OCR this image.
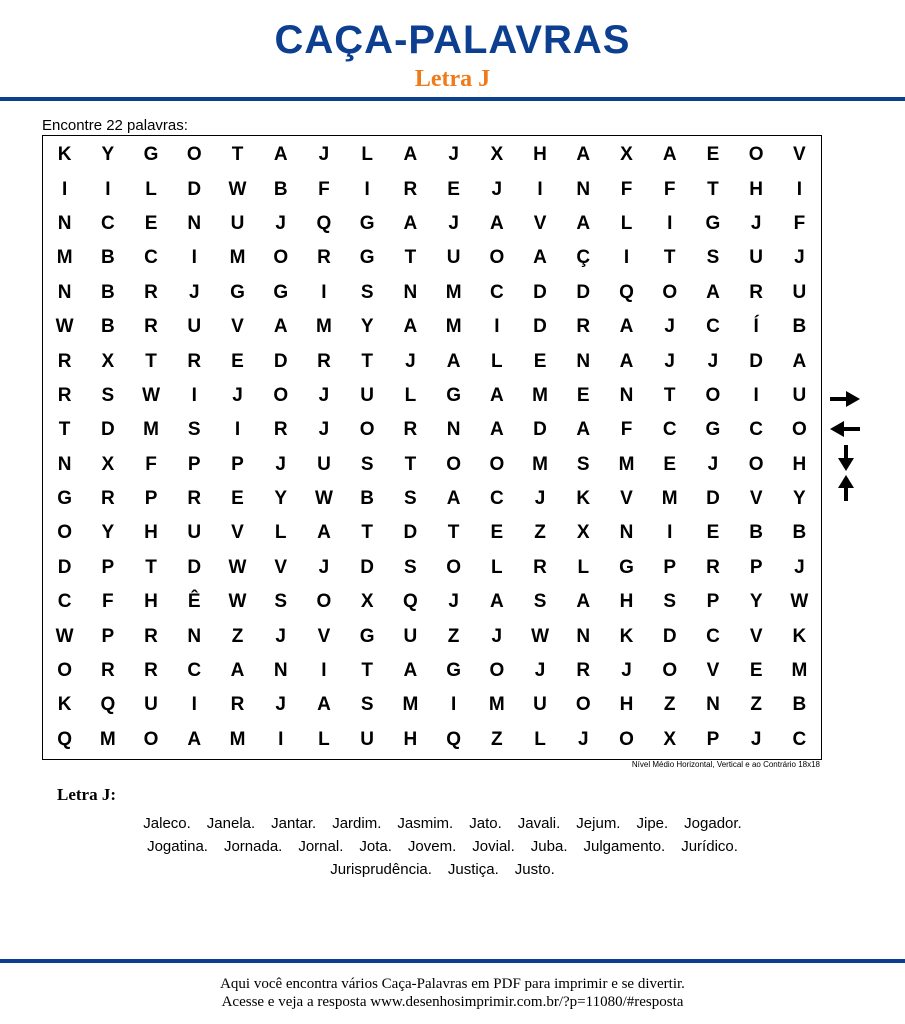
CAÇA-PALAVRAS
Letra J
Encontre 22 palavras:
K	Y	G	O	T	A	J	L	A	J	X	H	A	X	A	E	O	V
I	I	L	D	W	B	F	I	R	E	J	I	N	F	F	T	H	I
N	C	E	N	U	J	Q	G	A	J	A	V	A	L	I	G	J	F
M	B	C	I	M	O	R	G	T	U	O	A	Ç	I	T	S	U	J
N	B	R	J	G	G	I	S	N	M	C	D	D	Q	O	A	R	U
W	B	R	U	V	A	M	Y	A	M	I	D	R	A	J	C	Í	B
R	X	T	R	E	D	R	T	J	A	L	E	N	A	J	J	D	A
R	S	W	I	J	O	J	U	L	G	A	M	E	N	T	O	I	U
T	D	M	S	I	R	J	O	R	N	A	D	A	F	C	G	C	O
N	X	F	P	P	J	U	S	T	O	O	M	S	M	E	J	O	H
G	R	P	R	E	Y	W	B	S	A	C	J	K	V	M	D	V	Y
O	Y	H	U	V	L	A	T	D	T	E	Z	X	N	I	E	B	B
D	P	T	D	W	V	J	D	S	O	L	R	L	G	P	R	P	J
C	F	H	Ê	W	S	O	X	Q	J	A	S	A	H	S	P	Y	W
W	P	R	N	Z	J	V	G	U	Z	J	W	N	K	D	C	V	K
O	R	R	C	A	N	I	T	A	G	O	J	R	J	O	V	E	M
K	Q	U	I	R	J	A	S	M	I	M	U	O	H	Z	N	Z	B
Q	M	O	A	M	I	L	U	H	Q	Z	L	J	O	X	P	J	C
Nível Médio Horizontal, Vertical e ao Contrário 18x18
Letra J:
Jaleco. Janela. Jantar. Jardim. Jasmim. Jato. Javali. Jejum. Jipe. Jogador.
Jogatina. Jornada. Jornal. Jota. Jovem. Jovial. Juba. Julgamento. Jurídico.
Jurisprudência. Justiça. Justo.
Aqui você encontra vários Caça-Palavras em PDF para imprimir e se divertir.
Acesse e veja a resposta www.desenhosimprimir.com.br/?p=11080/#resposta
